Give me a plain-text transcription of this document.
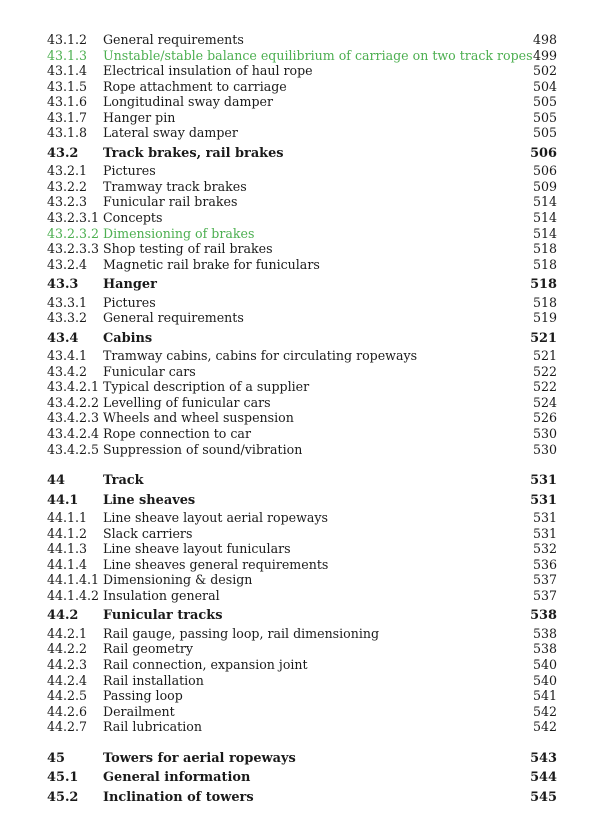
43.1.2 General requirements	498
43.1.3 Unstable/stable balance equilibrium of carriage on two track ropes 499
43.1.4 Electrical insulation of haul rope	502
43.1.5 Rope attachment to carriage	504
43.1.6 Longitudinal sway damper	505
43.1.7 Hanger pin	505
43.1.8 Lateral sway damper	505
43.2 Track brakes, rail brakes	506
43.2.1 Pictures	506
43.2.2 Tramway track brakes	509
43.2.3 Funicular rail brakes	514
43.2.3.1 Concepts	514
43.2.3.2 Dimensioning of brakes	514
43.2.3.3 Shop testing of rail brakes	518
43.2.4 Magnetic rail brake for funiculars	518
43.3 Hanger	518
43.3.1 Pictures	518
43.3.2 General requirements	519
43.4 Cabins	521
43.4.1 Tramway cabins, cabins for circulating ropeways	521
43.4.2 Funicular cars	522
43.4.2.1 Typical description of a supplier	522
43.4.2.2 Levelling of funicular cars	524
43.4.2.3 Wheels and wheel suspension	526
43.4.2.4 Rope connection to car	530
43.4.2.5 Suppression of sound/vibration	530
44	Track	531
44.1 Line sheaves	531
44.1.1 Line sheave layout aerial ropeways	531
44.1.2 Slack carriers	531
44.1.3 Line sheave layout funiculars	532
44.1.4 Line sheaves general requirements	536
44.1.4.1 Dimensioning & design	537
44.1.4.2 Insulation general	537
44.2 Funicular tracks	538
44.2.1 Rail gauge, passing loop, rail dimensioning	538
44.2.2 Rail geometry	538
44.2.3 Rail connection, expansion joint	540
44.2.4 Rail installation	540
44.2.5 Passing loop	541
44.2.6 Derailment	542
44.2.7 Rail lubrication	542
45	Towers for aerial ropeways	543
45.1 General information	544
45.2 Inclination of towers	545
